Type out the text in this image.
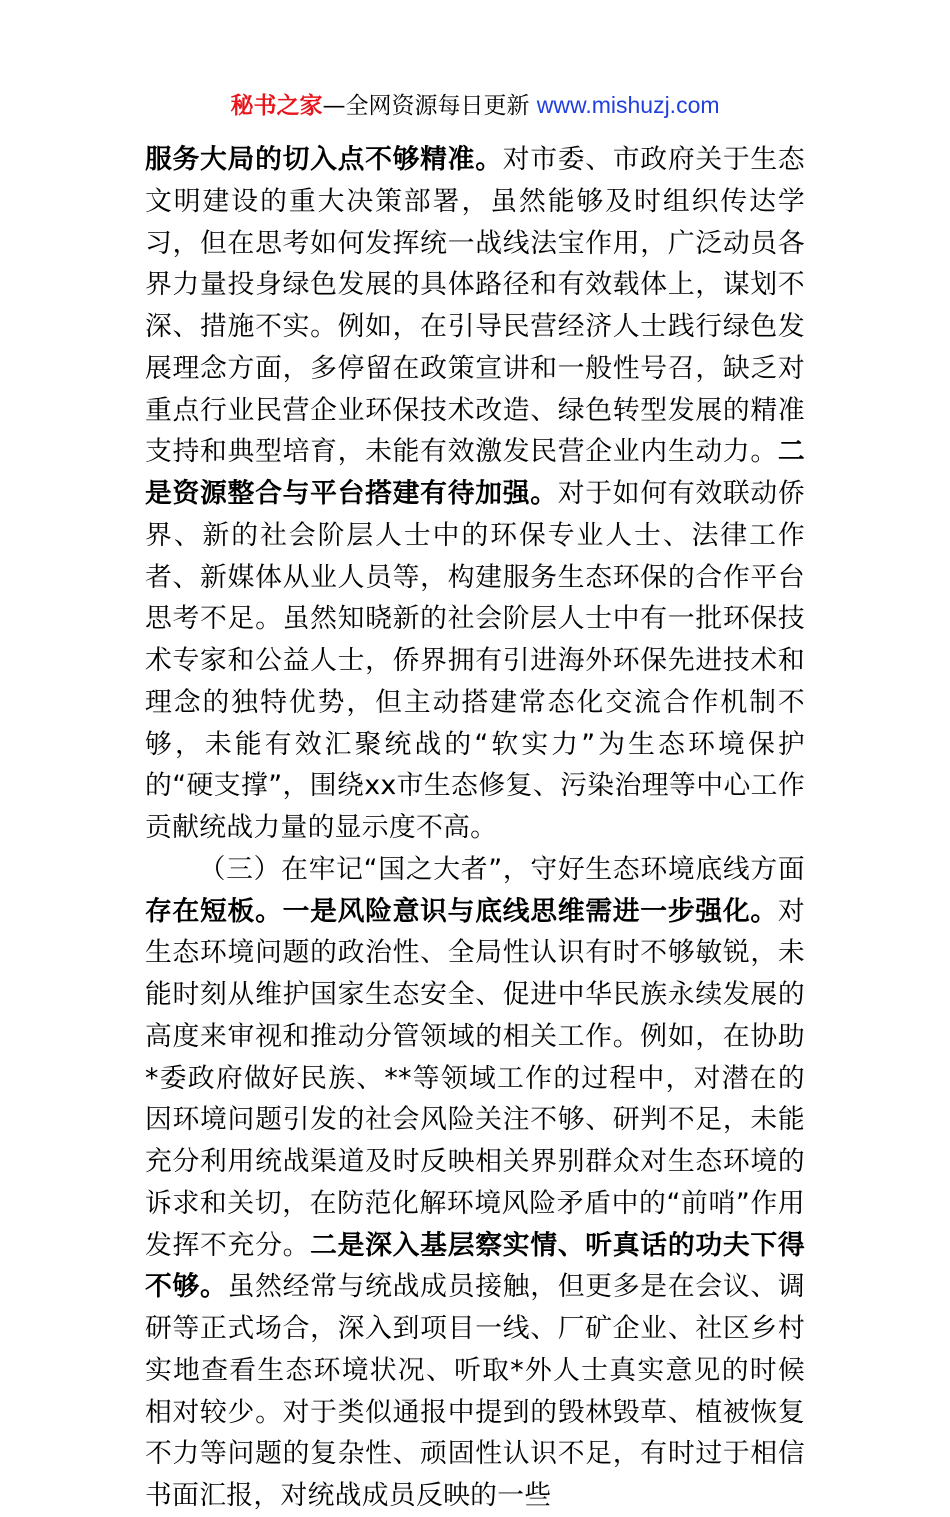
秘书之家—全网资源每日更新 www.mishuzj.com

服务大局的切入点不够精准。对市委、市政府关于生态文明建设的重大决策部署，虽然能够及时组织传达学习，但在思考如何发挥统一战线法宝作用，广泛动员各界力量投身绿色发展的具体路径和有效载体上，谋划不深、措施不实。例如，在引导民营经济人士践行绿色发展理念方面，多停留在政策宣讲和一般性号召，缺乏对重点行业民营企业环保技术改造、绿色转型发展的精准支持和典型培育，未能有效激发民营企业内生动力。二是资源整合与平台搭建有待加强。对于如何有效联动侨界、新的社会阶层人士中的环保专业人士、法律工作者、新媒体从业人员等，构建服务生态环保的合作平台思考不足。虽然知晓新的社会阶层人士中有一批环保技术专家和公益人士，侨界拥有引进海外环保先进技术和理念的独特优势，但主动搭建常态化交流合作机制不够，未能有效汇聚统战的“软实力”为生态环境保护的“硬支撑”，围绕xx市生态修复、污染治理等中心工作贡献统战力量的显示度不高。

（三）在牢记“国之大者”，守好生态环境底线方面存在短板。一是风险意识与底线思维需进一步强化。对生态环境问题的政治性、全局性认识有时不够敏锐，未能时刻从维护国家生态安全、促进中华民族永续发展的高度来审视和推动分管领域的相关工作。例如，在协助*委政府做好民族、**等领域工作的过程中，对潜在的因环境问题引发的社会风险关注不够、研判不足，未能充分利用统战渠道及时反映相关界别群众对生态环境的诉求和关切，在防范化解环境风险矛盾中的“前哨”作用发挥不充分。二是深入基层察实情、听真话的功夫下得不够。虽然经常与统战成员接触，但更多是在会议、调研等正式场合，深入到项目一线、厂矿企业、社区乡村实地查看生态环境状况、听取*外人士真实意见的时候相对较少。对于类似通报中提到的毁林毁草、植被恢复不力等问题的复杂性、顽固性认识不足，有时过于相信书面汇报，对统战成员反映的一些
